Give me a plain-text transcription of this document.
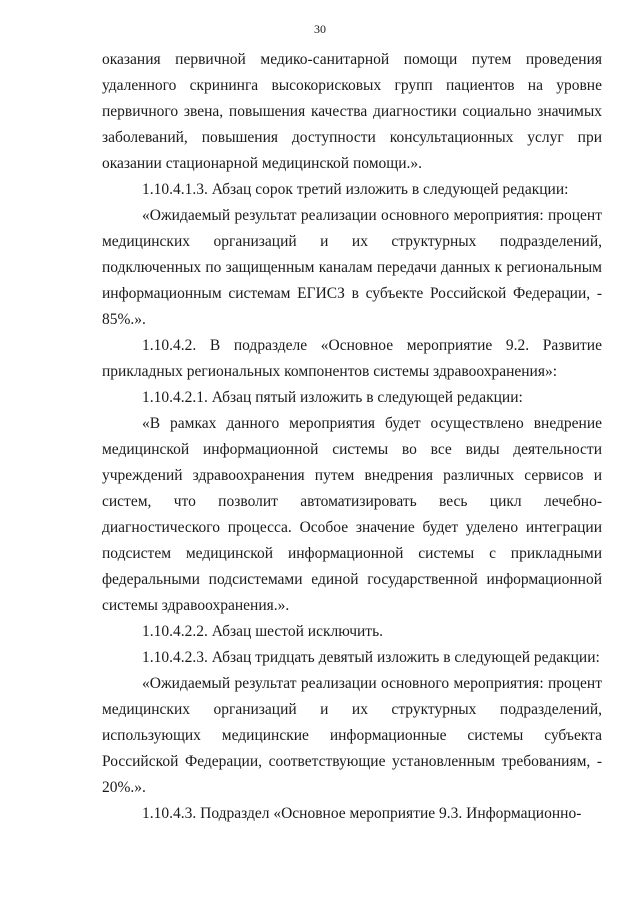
30

оказания первичной медико-санитарной помощи путем проведения удаленного скрининга высокорисковых групп пациентов на уровне первичного звена, повышения качества диагностики социально значимых заболеваний, повышения доступности консультационных услуг при оказании стационарной медицинской помощи.».

1.10.4.1.3. Абзац сорок третий изложить в следующей редакции:

«Ожидаемый результат реализации основного мероприятия: процент медицинских организаций и их структурных подразделений, подключенных по защищенным каналам передачи данных к региональным информационным системам ЕГИСЗ в субъекте Российской Федерации, - 85%.».

1.10.4.2. В подразделе «Основное мероприятие 9.2. Развитие прикладных региональных компонентов системы здравоохранения»:

1.10.4.2.1. Абзац пятый изложить в следующей редакции:

«В рамках данного мероприятия будет осуществлено внедрение медицинской информационной системы во все виды деятельности учреждений здравоохранения путем внедрения различных сервисов и систем, что позволит автоматизировать весь цикл лечебно-диагностического процесса. Особое значение будет уделено интеграции подсистем медицинской информационной системы с прикладными федеральными подсистемами единой государственной информационной системы здравоохранения.».

1.10.4.2.2. Абзац шестой исключить.

1.10.4.2.3. Абзац тридцать девятый изложить в следующей редакции:

«Ожидаемый результат реализации основного мероприятия: процент медицинских организаций и их структурных подразделений, использующих медицинские информационные системы субъекта Российской Федерации, соответствующие установленным требованиям, - 20%.».

1.10.4.3. Подраздел «Основное мероприятие 9.3. Информационно-
